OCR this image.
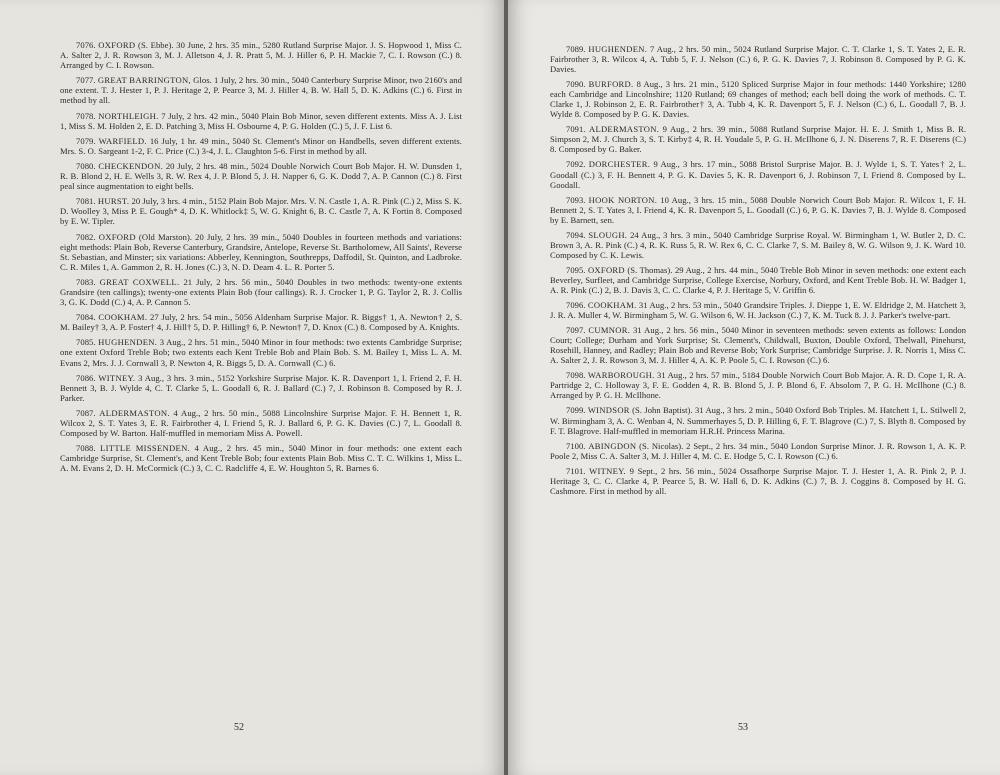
7076. OXFORD (S. Ebbe). 30 June, 2 hrs. 35 min., 5280 Rutland Surprise Major. J. S. Hopwood 1, Miss C. A. Salter 2, J. R. Rowson 3, M. J. Alletson 4, J. R. Pratt 5, M. J. Hiller 6, P. H. Mackie 7, C. I. Rowson (C.) 8. Arranged by C. I. Rowson.

7077. GREAT BARRINGTON, Glos. 1 July, 2 hrs. 30 min., 5040 Canterbury Surprise Minor, two 2160's and one extent. T. J. Hester 1, P. J. Heritage 2, P. Pearce 3, M. J. Hiller 4, B. W. Hall 5, D. K. Adkins (C.) 6. First in method by all.

7078. NORTHLEIGH. 7 July, 2 hrs. 42 min., 5040 Plain Bob Minor, seven different extents. Miss A. J. List 1, Miss S. M. Holden 2, E. D. Patching 3, Miss H. Osbourne 4, P. G. Holden (C.) 5, J. F. List 6.

7079. WARFIELD. 16 July, 1 hr. 49 min., 5040 St. Clement's Minor on Handbells, seven different extents. Mrs. S. O. Sargeant 1-2, F. C. Price (C.) 3-4, J. L. Claughton 5-6. First in method by all.

7080. CHECKENDON. 20 July, 2 hrs. 48 min., 5024 Double Norwich Court Bob Major. H. W. Dunsden 1, R. B. Blond 2, H. E. Wells 3, R. W. Rex 4, J. P. Blond 5, J. H. Napper 6, G. K. Dodd 7, A. P. Cannon (C.) 8. First peal since augmentation to eight bells.

7081. HURST. 20 July, 3 hrs. 4 min., 5152 Plain Bob Major. Mrs. V. N. Castle 1, A. R. Pink (C.) 2, Miss S. K. D. Woolley 3, Miss P. E. Gough* 4, D. K. Whitlock‡ 5, W. G. Knight 6, B. C. Castle 7, A. K Fortin 8. Composed by E. W. Tipler.

7082. OXFORD (Old Marston). 20 July, 2 hrs. 39 min., 5040 Doubles in fourteen methods and variations: eight methods: Plain Bob, Reverse Canterbury, Grandsire, Antelope, Reverse St. Bartholomew, All Saints', Reverse St. Sebastian, and Minster; six variations: Abberley, Kennington, Southrepps, Daffodil, St. Quinton, and Ladbroke. C. R. Miles 1, A. Gammon 2, R. H. Jones (C.) 3, N. D. Deam 4. L. R. Porter 5.

7083. GREAT COXWELL. 21 July, 2 hrs. 56 min., 5040 Doubles in two methods: twenty-one extents Grandsire (ten callings); twenty-one extents Plain Bob (four callings). R. J. Crocker 1, P. G. Taylor 2, R. J. Collis 3, G. K. Dodd (C.) 4, A. P. Cannon 5.

7084. COOKHAM. 27 July, 2 hrs. 54 min., 5056 Aldenham Surprise Major. R. Biggs† 1, A. Newton† 2, S. M. Bailey† 3, A. P. Foster† 4, J. Hill† 5, D. P. Hilling† 6, P. Newton† 7, D. Knox (C.) 8. Composed by A. Knights.

7085. HUGHENDEN. 3 Aug., 2 hrs. 51 min., 5040 Minor in four methods: two extents Cambridge Surprise; one extent Oxford Treble Bob; two extents each Kent Treble Bob and Plain Bob. S. M. Bailey 1, Miss L. A. M. Evans 2, Mrs. J. J. Cornwall 3, P. Newton 4, R. Biggs 5, D. A. Cornwall (C.) 6.

7086. WITNEY. 3 Aug., 3 hrs. 3 min., 5152 Yorkshire Surprise Major. K. R. Davenport 1, I. Friend 2, F. H. Bennett 3, B. J. Wylde 4, C. T. Clarke 5, L. Goodall 6, R. J. Ballard (C.) 7, J. Robinson 8. Composed by R. J. Parker.

7087. ALDERMASTON. 4 Aug., 2 hrs. 50 min., 5088 Lincolnshire Surprise Major. F. H. Bennett 1, R. Wilcox 2, S. T. Yates 3, E. R. Fairbrother 4, I. Friend 5, R. J. Ballard 6, P. G. K. Davies (C.) 7, L. Goodall 8. Composed by W. Barton. Half-muffled in memoriam Miss A. Powell.

7088. LITTLE MISSENDEN. 4 Aug., 2 hrs. 45 min., 5040 Minor in four methods: one extent each Cambridge Surprise, St. Clement's, and Kent Treble Bob; four extents Plain Bob. Miss C. T. C. Wilkins 1, Miss L. A. M. Evans 2, D. H. McCormick (C.) 3, C. C. Radcliffe 4, E. W. Houghton 5, R. Barnes 6.

52

7089. HUGHENDEN. 7 Aug., 2 hrs. 50 min., 5024 Rutland Surprise Major. C. T. Clarke 1, S. T. Yates 2, E. R. Fairbrother 3, R. Wilcox 4, A. Tubb 5, F. J. Nelson (C.) 6, P. G. K. Davies 7, J. Robinson 8. Composed by P. G. K. Davies.

7090. BURFORD. 8 Aug., 3 hrs. 21 min., 5120 Spliced Surprise Major in four methods: 1440 Yorkshire; 1280 each Cambridge and Lincolnshire; 1120 Rutland; 69 changes of method; each bell doing the work of methods. C. T. Clarke 1, J. Robinson 2, E. R. Fairbrother† 3, A. Tubb 4, K. R. Davenport 5, F. J. Nelson (C.) 6, L. Goodall 7, B. J. Wylde 8. Composed by P. G. K. Davies.

7091. ALDERMASTON. 9 Aug., 2 hrs. 39 min., 5088 Rutland Surprise Major. H. E. J. Smith 1, Miss B. R. Simpson 2, M. J. Church 3, S. T. Kirby‡ 4, R. H. Youdale 5, P. G. H. McIlhone 6, J. N. Diserens 7, R. F. Diserens (C.) 8. Composed by G. Baker.

7092. DORCHESTER. 9 Aug., 3 hrs. 17 min., 5088 Bristol Surprise Major. B. J. Wylde 1, S. T. Yates† 2, L. Goodall (C.) 3, F. H. Bennett 4, P. G. K. Davies 5, K. R. Davenport 6, J. Robinson 7, I. Friend 8. Composed by L. Goodall.

7093. HOOK NORTON. 10 Aug., 3 hrs. 15 min., 5088 Double Norwich Court Bob Major. R. Wilcox 1, F. H. Bennett 2, S. T. Yates 3, I. Friend 4, K. R. Davenport 5, L. Goodall (C.) 6, P. G. K. Davies 7, B. J. Wylde 8. Composed by E. Barnett, sen.

7094. SLOUGH. 24 Aug., 3 hrs. 3 min., 5040 Cambridge Surprise Royal. W. Birmingham 1, W. Butler 2, D. C. Brown 3, A. R. Pink (C.) 4, R. K. Russ 5, R. W. Rex 6, C. C. Clarke 7, S. M. Bailey 8, W. G. Wilson 9, J. K. Ward 10. Composed by C. K. Lewis.

7095. OXFORD (S. Thomas). 29 Aug., 2 hrs. 44 min., 5040 Treble Bob Minor in seven methods: one extent each Beverley, Surfleet, and Cambridge Surprise, College Exercise, Norbury, Oxford, and Kent Treble Bob. H. W. Badger 1, A. R. Pink (C.) 2, B. J. Davis 3, C. C. Clarke 4, P. J. Heritage 5, V. Griffin 6.

7096. COOKHAM. 31 Aug., 2 hrs. 53 min., 5040 Grandsire Triples. J. Dieppe 1, E. W. Eldridge 2, M. Hatchett 3, J. R. A. Muller 4, W. Birmingham 5, W. G. Wilson 6, W. H. Jackson (C.) 7, K. M. Tuck 8. J. J. Parker's twelve-part.

7097. CUMNOR. 31 Aug., 2 hrs. 56 min., 5040 Minor in seventeen methods: seven extents as follows: London Court; College; Durham and York Surprise; St. Clement's, Childwall, Buxton, Double Oxford, Thelwall, Pinehurst, Rosehill, Hanney, and Radley; Plain Bob and Reverse Bob; York Surprise; Cambridge Surprise. J. R. Norris 1, Miss C. A. Salter 2, J. R. Rowson 3, M. J. Hiller 4, A. K. P. Poole 5, C. I. Rowson (C.) 6.

7098. WARBOROUGH. 31 Aug., 2 hrs. 57 min., 5184 Double Norwich Court Bob Major. A. R. D. Cope 1, R. A. Partridge 2, C. Holloway 3, F. E. Godden 4, R. B. Blond 5, J. P. Blond 6, F. Absolom 7, P. G. H. McIlhone (C.) 8. Arranged by P. G. H. McIlhone.

7099. WINDSOR (S. John Baptist). 31 Aug., 3 hrs. 2 min., 5040 Oxford Bob Triples. M. Hatchett 1, L. Stilwell 2, W. Birmingham 3, A. C. Wenban 4, N. Summerhayes 5, D. P. Hilling 6, F. T. Blagrove (C.) 7, S. Blyth 8. Composed by F. T. Blagrove. Half-muffled in memoriam H.R.H. Princess Marina.

7100. ABINGDON (S. Nicolas). 2 Sept., 2 hrs. 34 min., 5040 London Surprise Minor. J. R. Rowson 1, A. K. P. Poole 2, Miss C. A. Salter 3, M. J. Hiller 4, M. C. E. Hodge 5, C. I. Rowson (C.) 6.

7101. WITNEY. 9 Sept., 2 hrs. 56 min., 5024 Ossafhorpe Surprise Major. T. J. Hester 1, A. R. Pink 2, P. J. Heritage 3, C. C. Clarke 4, P. Pearce 5, B. W. Hall 6, D. K. Adkins (C.) 7, B. J. Coggins 8. Composed by H. G. Cashmore. First in method by all.

53
